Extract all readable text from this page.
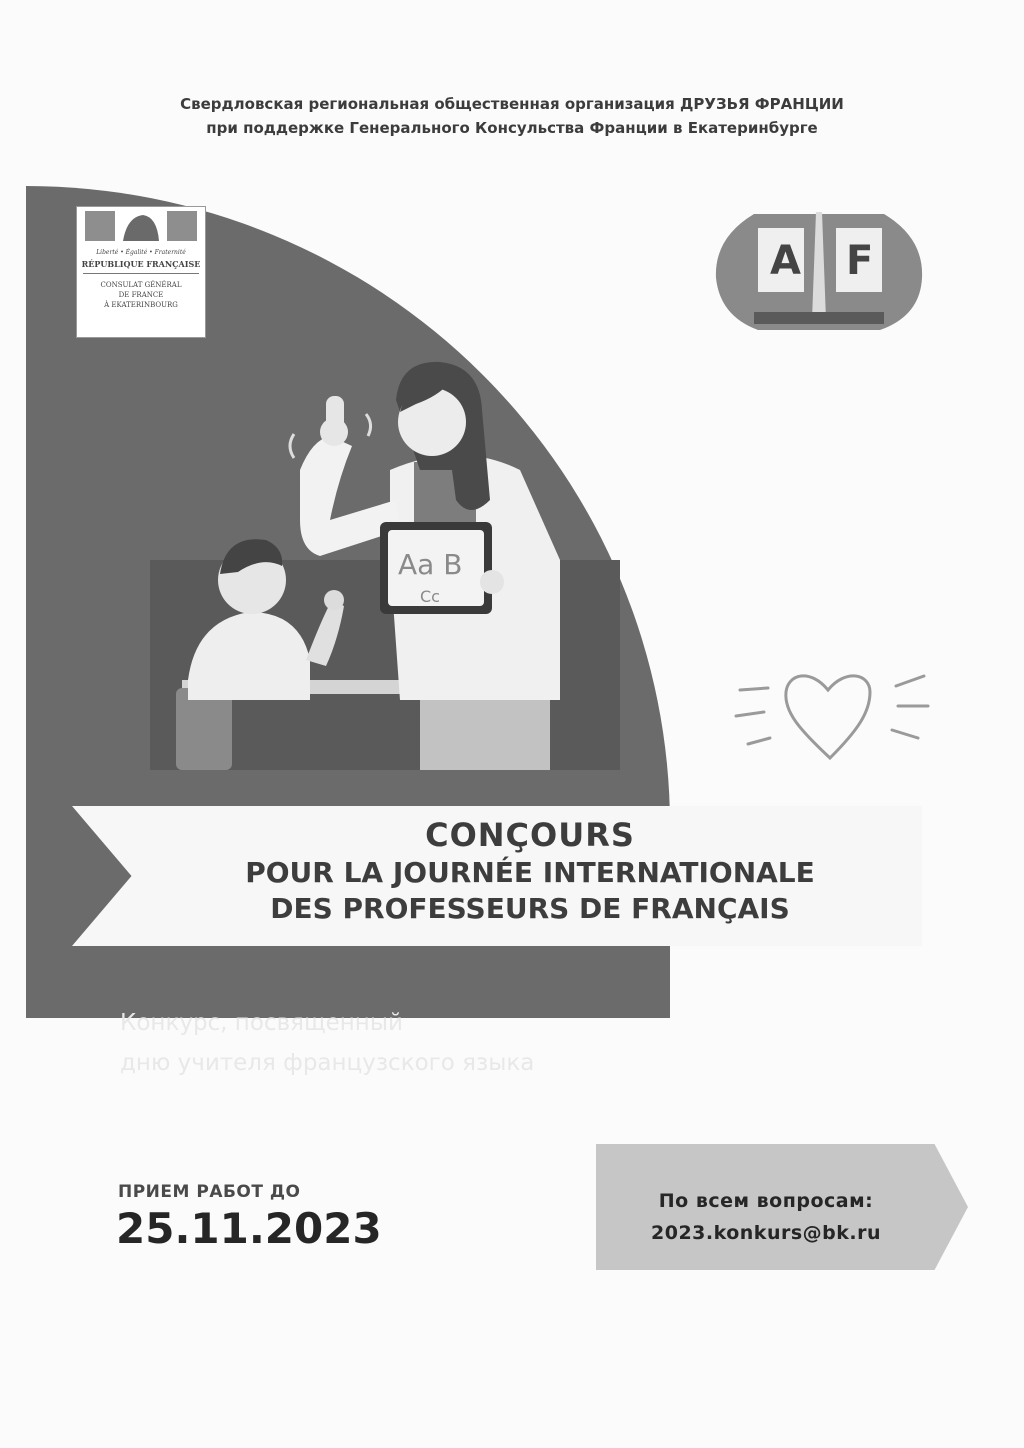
Свердловская региональная общественная организация ДРУЗЬЯ ФРАНЦИИ
при поддержке Генерального Консульства Франции в Екатеринбурге
Aa B
Cc
Liberté • Égalité • Fraternité
RÉPUBLIQUE FRANÇAISE
CONSULAT GÉNÉRAL
DE FRANCE
À EKATERINBOURG
A F
CONÇOURS
POUR LA JOURNÉE INTERNATIONALE
DES PROFESSEURS DE FRANÇAIS
Конкурс, посвященный
дню учителя французского языка
ПРИЕМ РАБОТ ДО
25.11.2023
По всем вопросам:
2023.konkurs@bk.ru
